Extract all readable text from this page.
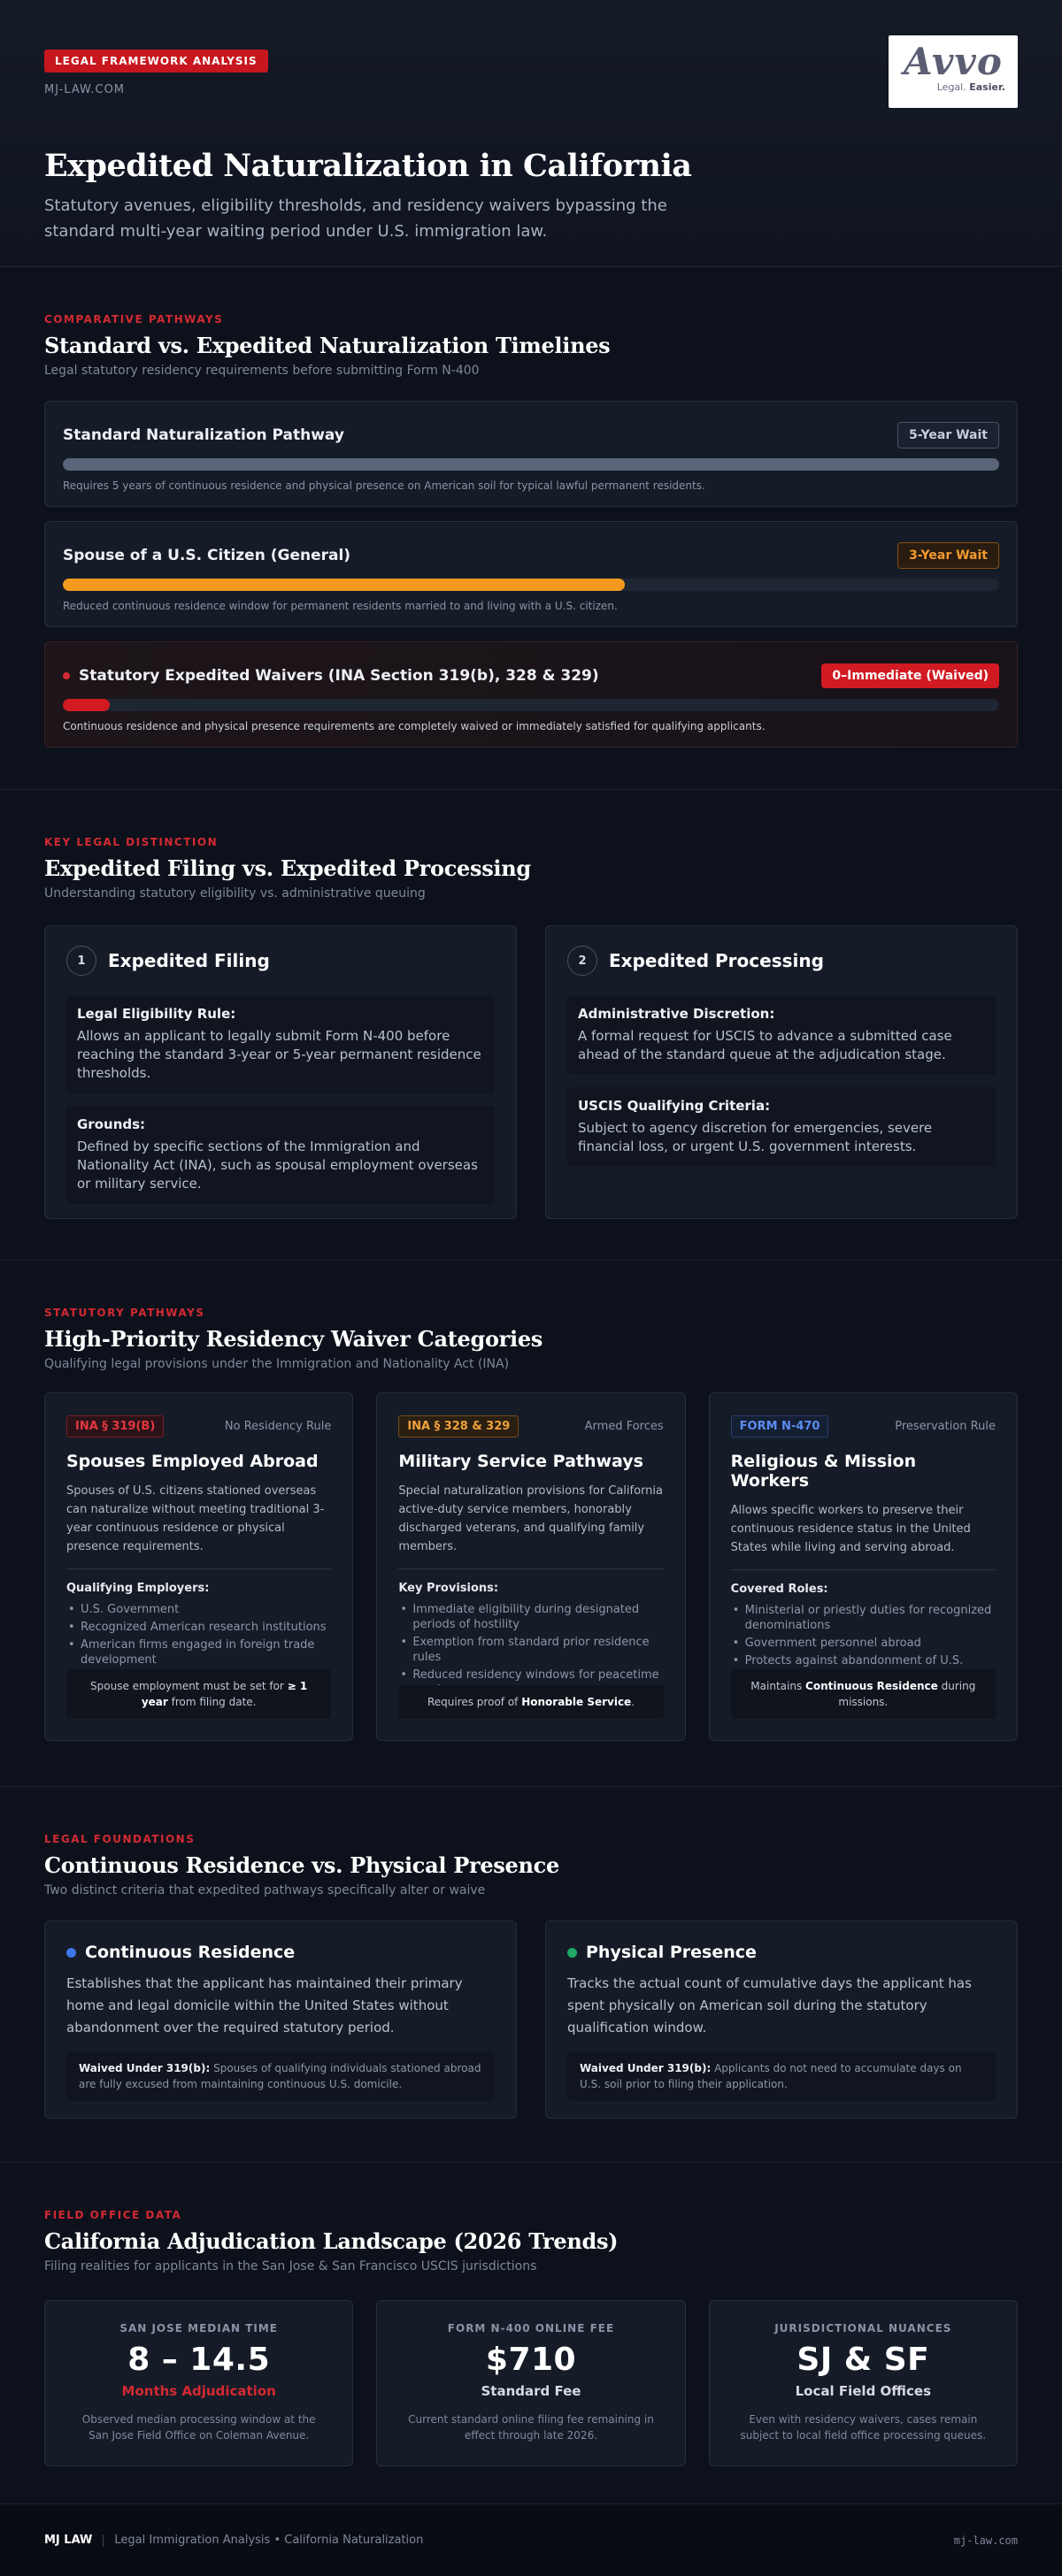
LEGAL FRAMEWORK ANALYSIS
MJ-LAW.COM
Avvo
Legal. Easier.
Expedited Naturalization in California

Statutory avenues, eligibility thresholds, and residency waivers bypassing the standard multi-year waiting period under U.S. immigration law.

COMPARATIVE PATHWAYS
Standard vs. Expedited Naturalization Timelines
Legal statutory residency requirements before submitting Form N-400
Standard Naturalization Pathway	5-Year Wait
Requires 5 years of continuous residence and physical presence on American soil for typical lawful permanent residents.
Spouse of a U.S. Citizen (General)	3-Year Wait
Reduced continuous residence window for permanent residents married to and living with a U.S. citizen.
Statutory Expedited Waivers (INA Section 319(b), 328 & 329)	0–Immediate (Waived)
Continuous residence and physical presence requirements are completely waived or immediately satisfied for qualifying applicants.
KEY LEGAL DISTINCTION
Expedited Filing vs. Expedited Processing
Understanding statutory eligibility vs. administrative queuing
1	Expedited Filing
Legal Eligibility Rule:

Allows an applicant to legally submit Form N-400 before reaching the standard 3-year or 5-year permanent residence thresholds.

Grounds:

Defined by specific sections of the Immigration and Nationality Act (INA), such as spousal employment overseas or military service.

2	Expedited Processing
Administrative Discretion:

A formal request for USCIS to advance a submitted case ahead of the standard queue at the adjudication stage.

USCIS Qualifying Criteria:

Subject to agency discretion for emergencies, severe financial loss, or urgent U.S. government interests.

STATUTORY PATHWAYS
High-Priority Residency Waiver Categories
Qualifying legal provisions under the Immigration and Nationality Act (INA)
INA § 319(B)	No Residency Rule
Spouses Employed Abroad
Spouses of U.S. citizens stationed overseas can naturalize without meeting traditional 3-year continuous residence or physical presence requirements.
Qualifying Employers:
• U.S. Government
• Recognized American research institutions
• American firms engaged in foreign trade development
Spouse employment must be set for ≥ 1 year from filing date.
INA § 328 & 329	Armed Forces
Military Service Pathways
Special naturalization provisions for California active-duty service members, honorably discharged veterans, and qualifying family members.
Key Provisions:
• Immediate eligibility during designated periods of hostility
• Exemption from standard prior residence rules
• Reduced residency windows for peacetime
Requires proof of Honorable Service.
FORM N-470	Preservation Rule
Religious & Mission Workers
Allows specific workers to preserve their continuous residence status in the United States while living and serving abroad.
Covered Roles:
• Ministerial or priestly duties for recognized denominations
• Government personnel abroad
• Protects against abandonment of U.S.
Maintains Continuous Residence during missions.
LEGAL FOUNDATIONS
Continuous Residence vs. Physical Presence
Two distinct criteria that expedited pathways specifically alter or waive
Continuous Residence
Establishes that the applicant has maintained their primary home and legal domicile within the United States without abandonment over the required statutory period.
Waived Under 319(b): Spouses of qualifying individuals stationed abroad are fully excused from maintaining continuous U.S. domicile.
Physical Presence
Tracks the actual count of cumulative days the applicant has spent physically on American soil during the statutory qualification window.
Waived Under 319(b): Applicants do not need to accumulate days on U.S. soil prior to filing their application.
FIELD OFFICE DATA
California Adjudication Landscape (2026 Trends)
Filing realities for applicants in the San Jose & San Francisco USCIS jurisdictions
SAN JOSE MEDIAN TIME
8 – 14.5
Months Adjudication
Observed median processing window at the San Jose Field Office on Coleman Avenue.
FORM N-400 ONLINE FEE
$710
Standard Fee
Current standard online filing fee remaining in effect through late 2026.
JURISDICTIONAL NUANCES
SJ & SF
Local Field Offices
Even with residency waivers, cases remain subject to local field office processing queues.
MJ LAW Legal Immigration Analysis • California Naturalization	mj-law.com
